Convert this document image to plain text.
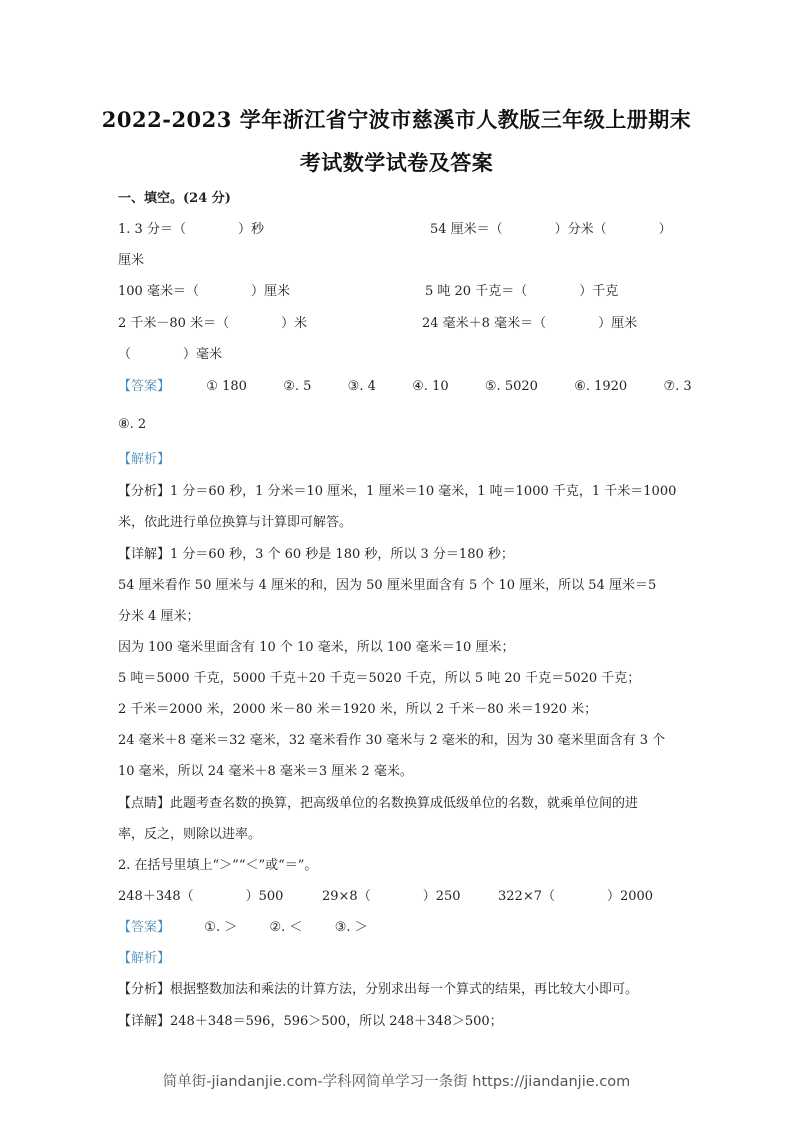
2022-2023 学年浙江省宁波市慈溪市人教版三年级上册期末
考试数学试卷及答案
一、填空。(24 分)
1. 3 分＝（　　　　）秒	54 厘米＝（　　　　）分米（　　　　）
厘米
100 毫米＝（　　　　）厘米	5 吨 20 千克＝（　　　　）千克
2 千米－80 米＝（　　　　）米	24 毫米＋8 毫米＝（　　　　）厘米
（　　　　）毫米
【答案】	① 180	②. 5	③. 4	④. 10	⑤. 5020	⑥. 1920	⑦. 3
⑧. 2
【解析】
【分析】1 分＝60 秒，1 分米＝10 厘米，1 厘米＝10 毫米，1 吨＝1000 千克，1 千米＝1000
米，依此进行单位换算与计算即可解答。
【详解】1 分＝60 秒，3 个 60 秒是 180 秒，所以 3 分＝180 秒；
54 厘米看作 50 厘米与 4 厘米的和，因为 50 厘米里面含有 5 个 10 厘米，所以 54 厘米＝5
分米 4 厘米；
因为 100 毫米里面含有 10 个 10 毫米，所以 100 毫米＝10 厘米；
5 吨＝5000 千克，5000 千克＋20 千克＝5020 千克，所以 5 吨 20 千克＝5020 千克；
2 千米＝2000 米，2000 米－80 米＝1920 米，所以 2 千米－80 米＝1920 米；
24 毫米＋8 毫米＝32 毫米，32 毫米看作 30 毫米与 2 毫米的和，因为 30 毫米里面含有 3 个
10 毫米，所以 24 毫米＋8 毫米＝3 厘米 2 毫米。
【点睛】此题考查名数的换算，把高级单位的名数换算成低级单位的名数，就乘单位间的进
率，反之，则除以进率。
2. 在括号里填上“＞”“＜”或“＝”。
248＋348（　　　　）500	29×8（　　　　）250	322×7（　　　　）2000
【答案】	①. ＞ ②. ＜ ③. ＞
【解析】
【分析】根据整数加法和乘法的计算方法，分别求出每一个算式的结果，再比较大小即可。
【详解】248＋348＝596，596＞500，所以 248＋348＞500；
简单街-jiandanjie.com-学科网简单学习一条街 https://jiandanjie.com
